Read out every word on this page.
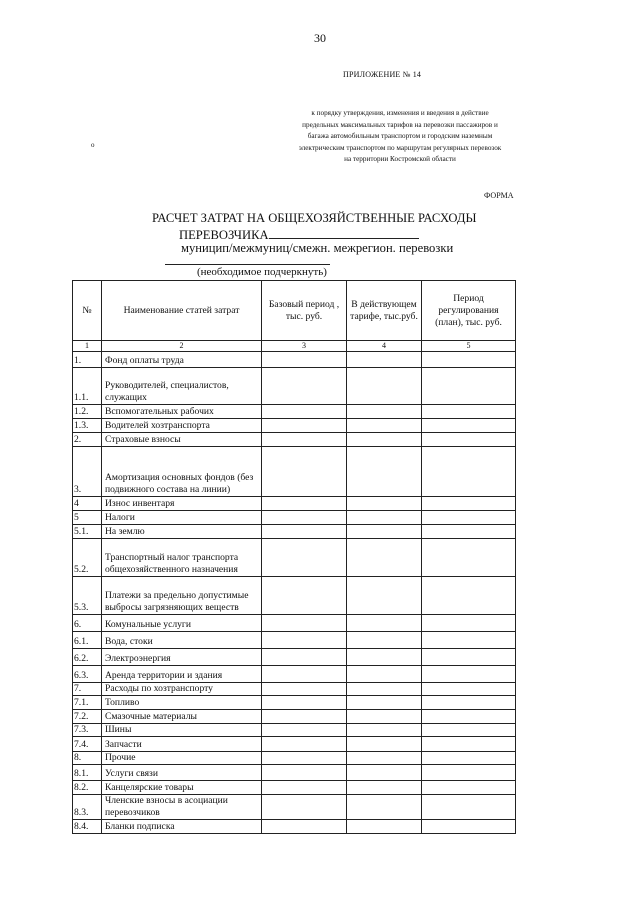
30
ПРИЛОЖЕНИЕ № 14
к порядку утверждения, изменения и введения в действие
предельных максимальных тарифов на перевозки пассажиров и
багажа автомобильным транспортом и городским наземным
электрическим транспортом по маршрутам регулярных перевозок
на территории Костромской области
о
ФОРМА
РАСЧЕТ ЗАТРАТ НА ОБЩЕХОЗЯЙСТВЕННЫЕ РАСХОДЫ
ПЕРЕВОЗЧИКА
муницип/межмуниц/смежн. межрегион. перевозки
(необходимое подчеркнуть)
№	Наименование статей затрат	Базовый период , тыс. руб.	В действующем тарифе, тыс.руб.	Период регулирования (план), тыс. руб.
1	2	3	4	5
1.	Фонд оплаты труда			
1.1.	Руководителей, специалистов, служащих			
1.2.	Вспомогательных рабочих			
1.3.	Водителей хозтранспорта			
2.	Страховые взносы			
3.	Амортизация основных фондов (без подвижного состава на линии)			
4	Износ инвентаря			
5	Налоги			
5.1.	На землю			
5.2.	Транспортный налог транспорта общехозяйственного назначения			
5.3.	Платежи за предельно допустимые выбросы загрязняющих веществ			
6.	Комунальные услуги			
6.1.	Вода, стоки			
6.2.	Электроэнергия			
6.3.	Аренда территории и здания			
7.	Расходы по хозтранспорту			
7.1.	Топливо			
7.2.	Смазочные материалы			
7.3.	Шины			
7.4.	Запчасти			
8.	Прочие			
8.1.	Услуги связи			
8.2.	Канцелярские товары			
8.3.	Членские взносы в асоциации перевозчиков			
8.4.	Бланки подписка			
